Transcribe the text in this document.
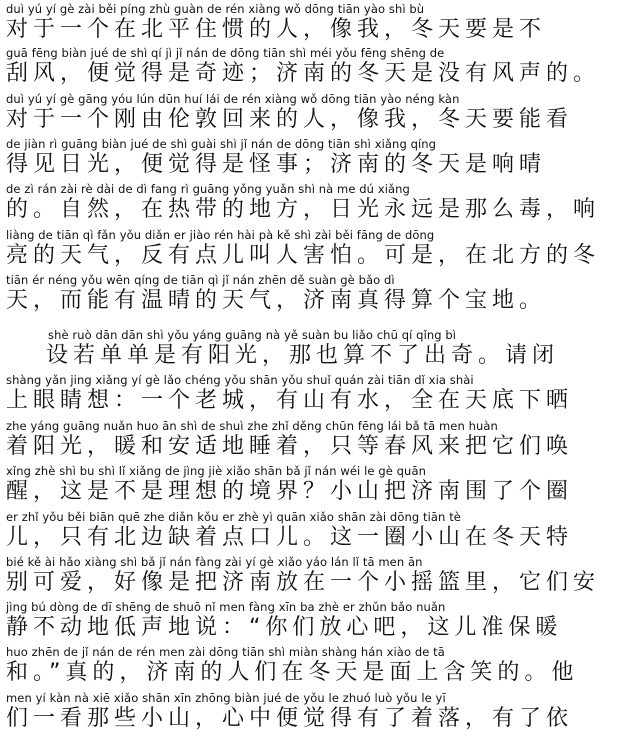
duì yú yí gè zài běi píng zhù guàn de rén xiàng wǒ dōng tiān yào shì bù
对于一个在北平住惯的人，像我，冬天要是不
guā fēng biàn jué de shì qí jì jǐ nán de dōng tiān shì méi yǒu fēng shēng de
刮风，便觉得是奇迹；济南的冬天是没有风声的。
duì yú yí gè gāng yóu lún dūn huí lái de rén xiàng wǒ dōng tiān yào néng kàn
对于一个刚由伦敦回来的人，像我，冬天要能看
de jiàn rì guāng biàn jué de shì guài shì jǐ nán de dōng tiān shì xiǎng qíng
得见日光，便觉得是怪事；济南的冬天是响晴
de zì rán zài rè dài de dì fang rì guāng yǒng yuǎn shì nà me dú xiǎng
的。自然，在热带的地方，日光永远是那么毒，响
liàng de tiān qì fǎn yǒu diǎn er jiào rén hài pà kě shì zài běi fāng de dōng
亮的天气，反有点儿叫人害怕。可是，在北方的冬
tiān ér néng yǒu wēn qíng de tiān qì jǐ nán zhēn dě suàn gè bǎo dì
天，而能有温晴的天气，济南真得算个宝地。
shè ruò dān dān shì yǒu yáng guāng nà yě suàn bu liǎo chū qí qǐng bì
设若单单是有阳光，那也算不了出奇。请闭
shàng yǎn jing xiǎng yí gè lǎo chéng yǒu shān yǒu shuǐ quán zài tiān dǐ xia shài
上眼睛想：一个老城，有山有水，全在天底下晒
zhe yáng guāng nuǎn huo ān shì de shuì zhe zhǐ děng chūn fēng lái bǎ tā men huàn
着阳光，暖和安适地睡着，只等春风来把它们唤
xǐng zhè shì bu shì lǐ xiǎng de jìng jiè xiǎo shān bǎ jǐ nán wéi le gè quān
醒，这是不是理想的境界？小山把济南围了个圈
er zhǐ yǒu běi biān quē zhe diǎn kǒu er zhè yì quān xiǎo shān zài dōng tiān tè
儿，只有北边缺着点口儿。这一圈小山在冬天特
bié kě ài hǎo xiàng shì bǎ jǐ nán fàng zài yí gè xiǎo yáo lán lǐ tā men ān
别可爱，好像是把济南放在一个小摇篮里，它们安
jìng bú dòng de dī shēng de shuō nǐ men fàng xīn ba zhè er zhǔn bǎo nuǎn
静不动地低声地说：“你们放心吧，这儿准保暖
huo zhēn de jǐ nán de rén men zài dōng tiān shì miàn shàng hán xiào de tā
和。”真的，济南的人们在冬天是面上含笑的。他
men yí kàn nà xiē xiǎo shān xīn zhōng biàn jué de yǒu le zhuó luò yǒu le yī
们一看那些小山，心中便觉得有了着落，有了依
